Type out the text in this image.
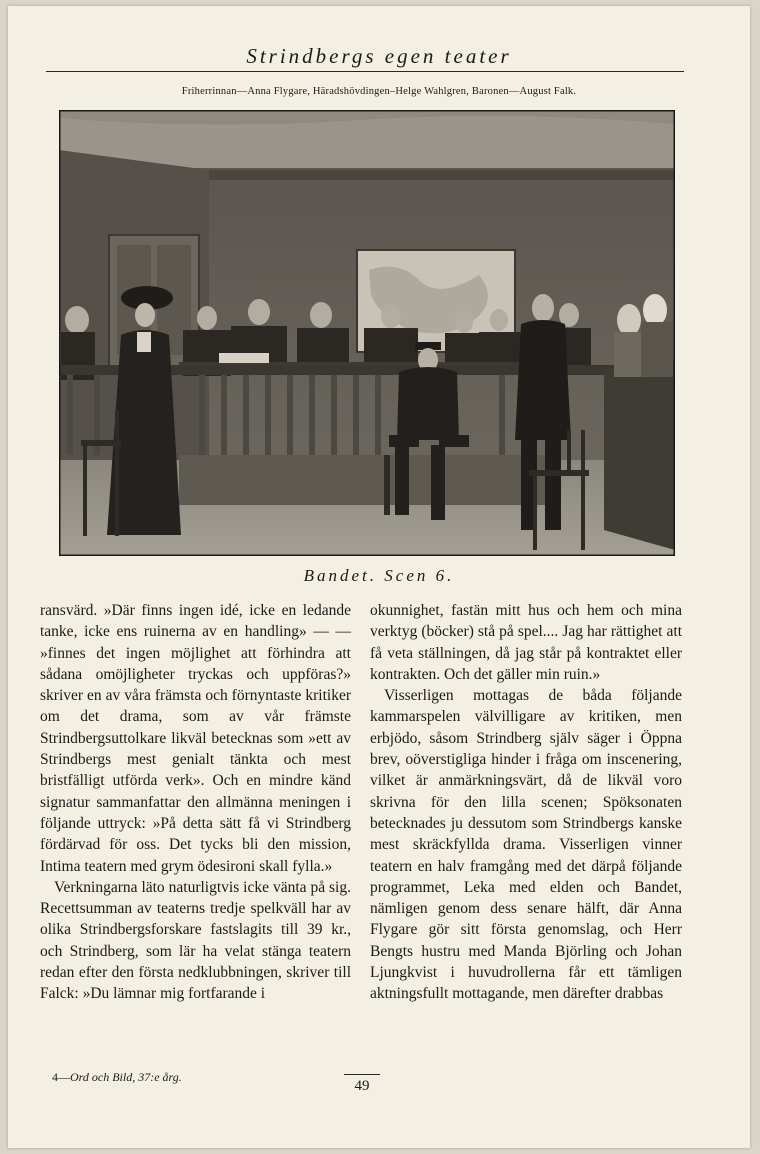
Strindbergs egen teater
Friherrinnan—Anna Flygare, Häradshövdingen–Helge Wahlgren, Baronen—August Falk.
Bandet. Scen 6.

ransvärd. »Där finns ingen idé, icke en ledande tanke, icke ens ruinerna av en handling» — — »finnes det ingen möjlighet att förhindra att sådana omöjligheter tryckas och uppföras?» skriver en av våra främsta och förnyntaste kritiker om det drama, som av vår främste Strindbergsuttolkare likväl betecknas som »ett av Strindbergs mest genialt tänkta och mest bristfälligt utförda verk». Och en mindre känd signatur sammanfattar den allmänna meningen i följande uttryck: »På detta sätt få vi Strindberg fördärvad för oss. Det tycks bli den mission, Intima teatern med grym ödesironi skall fylla.»

Verkningarna läto naturligtvis icke vänta på sig. Recettsumman av teaterns tredje spelkväll har av olika Strindbergsforskare fastslagits till 39 kr., och Strindberg, som lär ha velat stänga teatern redan efter den första nedklubbningen, skriver till Falck: »Du lämnar mig fortfarande i

okunnighet, fastän mitt hus och hem och mina verktyg (böcker) stå på spel.... Jag har rättighet att få veta ställningen, då jag står på kontraktet eller kontrakten. Och det gäller min ruin.»

Visserligen mottagas de båda följande kammarspelen välvilligare av kritiken, men erbjödo, såsom Strindberg själv säger i Öppna brev, oöverstigliga hinder i fråga om inscenering, vilket är anmärkningsvärt, då de likväl voro skrivna för den lilla scenen; Spöksonaten betecknades ju dessutom som Strindbergs kanske mest skräckfyllda drama. Visserligen vinner teatern en halv framgång med det därpå följande programmet, Leka med elden och Bandet, nämligen genom dess senare hälft, där Anna Flygare gör sitt första genomslag, och Herr Bengts hustru med Manda Björling och Johan Ljungkvist i huvudrollerna får ett tämligen aktningsfullt mottagande, men därefter drabbas

4—Ord och Bild, 37:e årg.
49
